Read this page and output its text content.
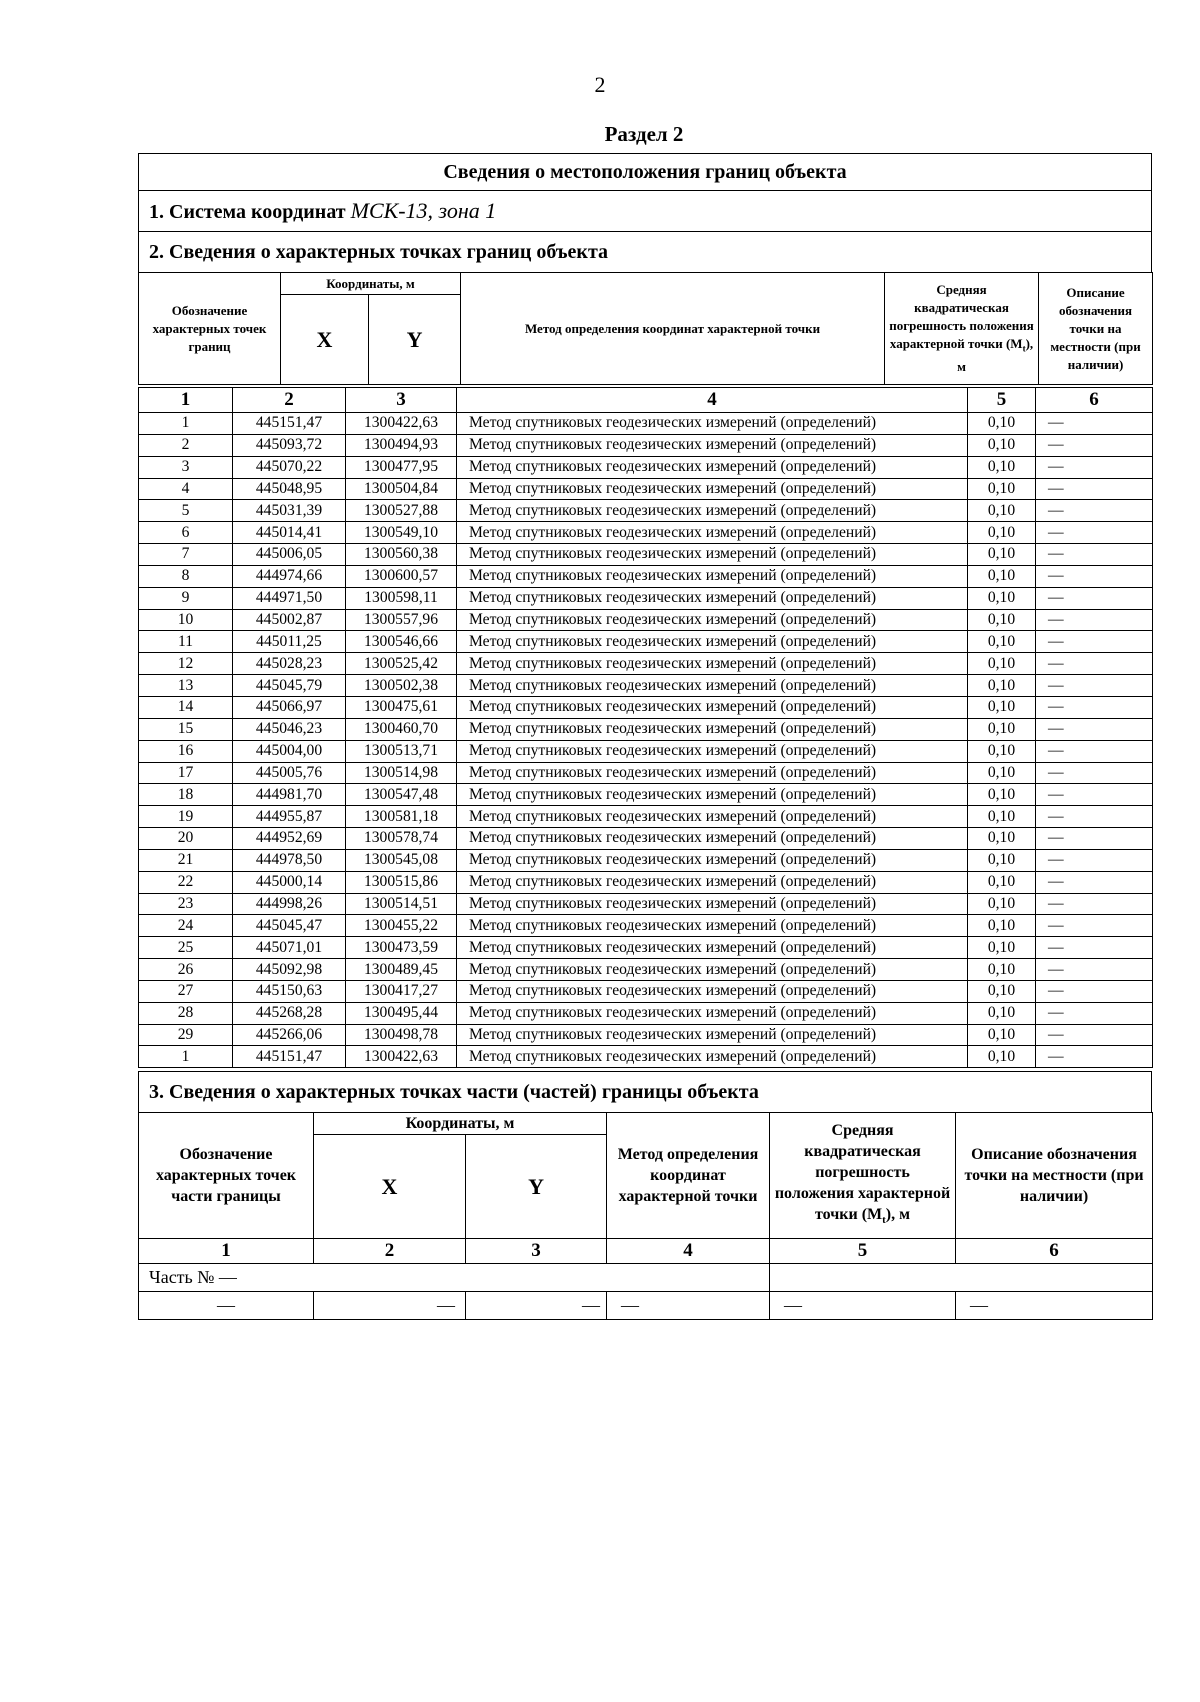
2
Раздел 2
Сведения о местоположения границ объекта
1. Система координат МСК-13, зона 1
2. Сведения о характерных точках границ объекта
Обозначение характерных точек границ	Координаты, м		Метод определения координат характерной точки	Средняя квадратическая погрешность положения характерной точки $(M_t)$, м	Описание обозначения точки на местности (при наличии)
	X	Y			
1	2	3	4	5	6
1	445151,47	1300422,63	Метод спутниковых геодезических измерений (определений)	0,10	—
2	445093,72	1300494,93	Метод спутниковых геодезических измерений (определений)	0,10	—
3	445070,22	1300477,95	Метод спутниковых геодезических измерений (определений)	0,10	—
4	445048,95	1300504,84	Метод спутниковых геодезических измерений (определений)	0,10	—
5	445031,39	1300527,88	Метод спутниковых геодезических измерений (определений)	0,10	—
6	445014,41	1300549,10	Метод спутниковых геодезических измерений (определений)	0,10	—
7	445006,05	1300560,38	Метод спутниковых геодезических измерений (определений)	0,10	—
8	444974,66	1300600,57	Метод спутниковых геодезических измерений (определений)	0,10	—
9	444971,50	1300598,11	Метод спутниковых геодезических измерений (определений)	0,10	—
10	445002,87	1300557,96	Метод спутниковых геодезических измерений (определений)	0,10	—
11	445011,25	1300546,66	Метод спутниковых геодезических измерений (определений)	0,10	—
12	445028,23	1300525,42	Метод спутниковых геодезических измерений (определений)	0,10	—
13	445045,79	1300502,38	Метод спутниковых геодезических измерений (определений)	0,10	—
14	445066,97	1300475,61	Метод спутниковых геодезических измерений (определений)	0,10	—
15	445046,23	1300460,70	Метод спутниковых геодезических измерений (определений)	0,10	—
16	445004,00	1300513,71	Метод спутниковых геодезических измерений (определений)	0,10	—
17	445005,76	1300514,98	Метод спутниковых геодезических измерений (определений)	0,10	—
18	444981,70	1300547,48	Метод спутниковых геодезических измерений (определений)	0,10	—
19	444955,87	1300581,18	Метод спутниковых геодезических измерений (определений)	0,10	—
20	444952,69	1300578,74	Метод спутниковых геодезических измерений (определений)	0,10	—
21	444978,50	1300545,08	Метод спутниковых геодезических измерений (определений)	0,10	—
22	445000,14	1300515,86	Метод спутниковых геодезических измерений (определений)	0,10	—
23	444998,26	1300514,51	Метод спутниковых геодезических измерений (определений)	0,10	—
24	445045,47	1300455,22	Метод спутниковых геодезических измерений (определений)	0,10	—
25	445071,01	1300473,59	Метод спутниковых геодезических измерений (определений)	0,10	—
26	445092,98	1300489,45	Метод спутниковых геодезических измерений (определений)	0,10	—
27	445150,63	1300417,27	Метод спутниковых геодезических измерений (определений)	0,10	—
28	445268,28	1300495,44	Метод спутниковых геодезических измерений (определений)	0,10	—
29	445266,06	1300498,78	Метод спутниковых геодезических измерений (определений)	0,10	—
1	445151,47	1300422,63	Метод спутниковых геодезических измерений (определений)	0,10	—
3. Сведения о характерных точках части (частей) границы объекта
Обозначение характерных точек части границы	Координаты, м		Метод определения координат характерной точки	Средняя квадратическая погрешность положения характерной точки $(M_t)$, м	Описание обозначения точки на местности (при наличии)
	X	Y			
1	2	3	4	5	6
Часть № —					
—	—	—	—	—	—
